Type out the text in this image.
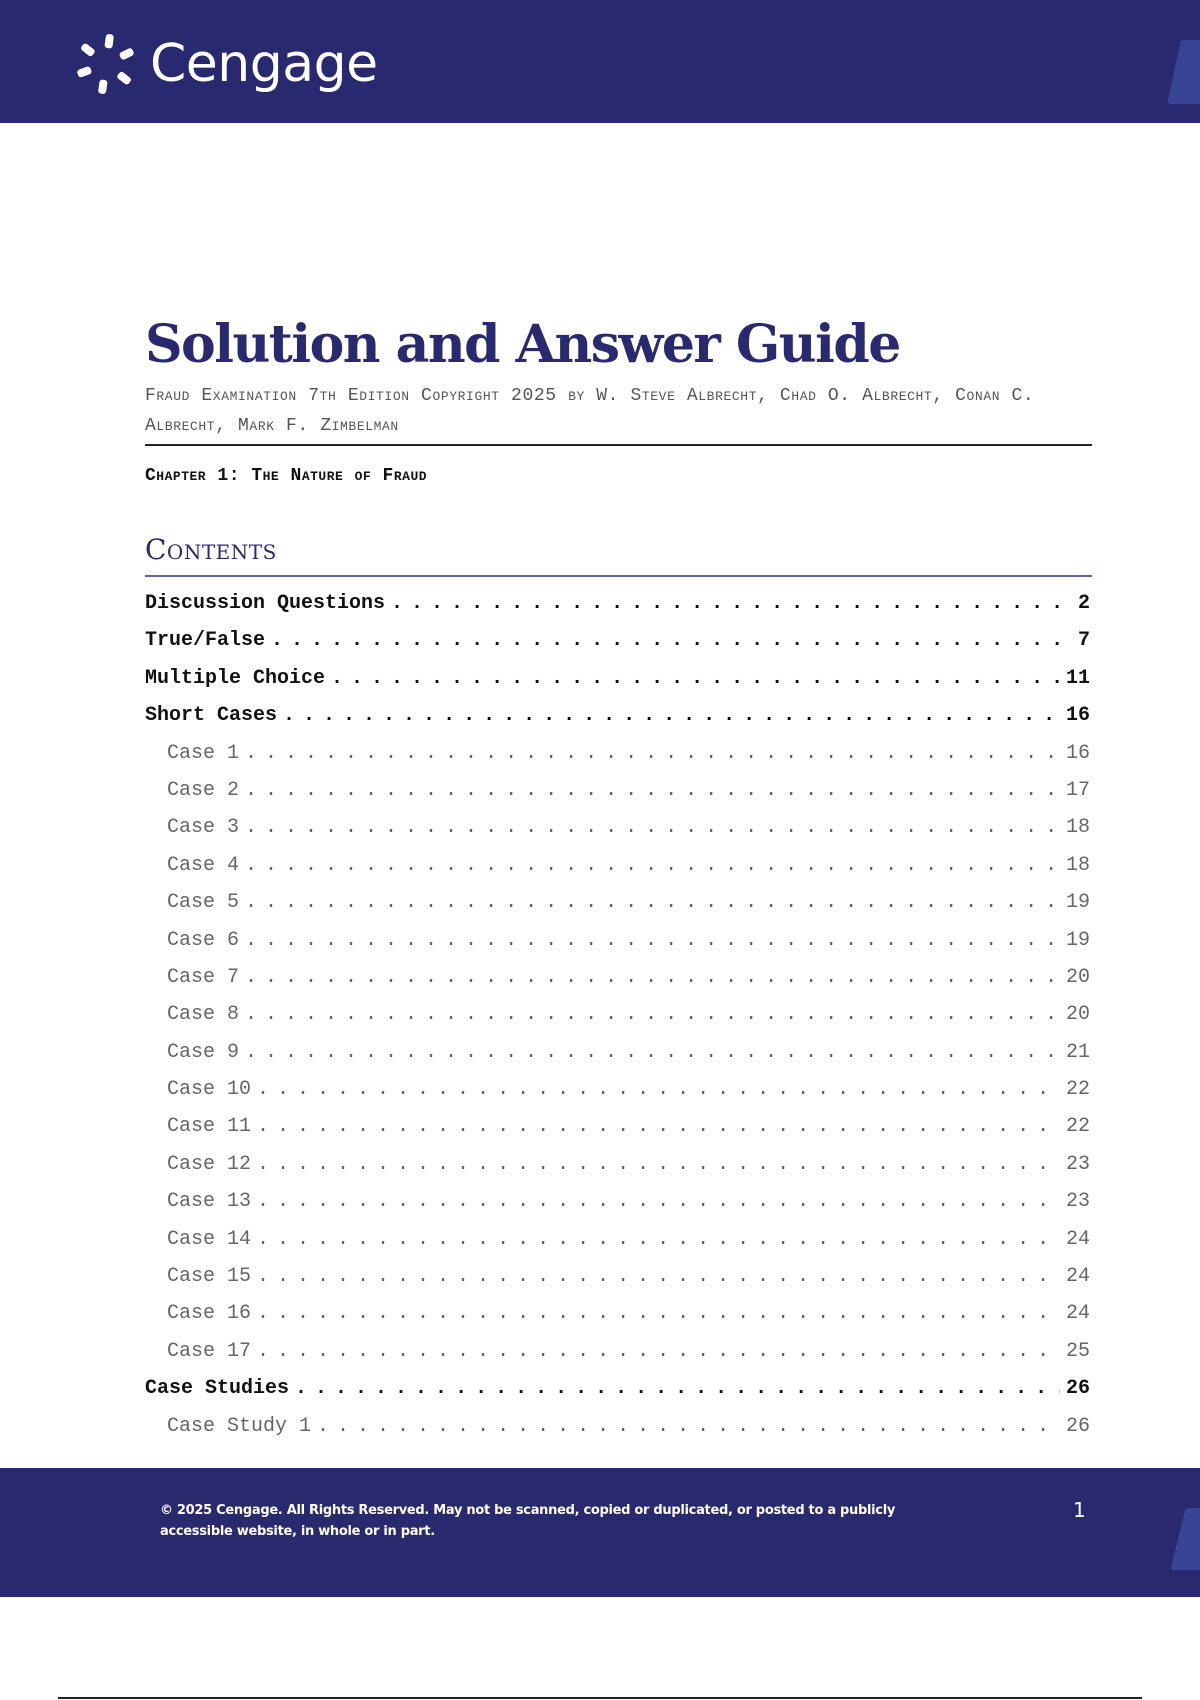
Cengage
Solution and Answer Guide

Fraud Examination 7th Edition Copyright 2025 by W. Steve Albrecht, Chad O. Albrecht, Conan C. Albrecht, Mark F. Zimbelman

Chapter 1: The Nature of Fraud

Contents
Discussion Questions . . .	2
True/False . . .	7
Multiple Choice . . .	11
Short Cases . . .	16
Case 1 . . .	16
Case 2 . . .	17
Case 3 . . .	18
Case 4 . . .	18
Case 5 . . .	19
Case 6 . . .	19
Case 7 . . .	20
Case 8 . . .	20
Case 9 . . .	21
Case 10 . . .	22
Case 11 . . .	22
Case 12 . . .	23
Case 13 . . .	23
Case 14 . . .	24
Case 15 . . .	24
Case 16 . . .	24
Case 17 . . .	25
Case Studies . . .	26
Case Study 1 . . .	26

© 2025 Cengage. All Rights Reserved. May not be scanned, copied or duplicated, or posted to a publicly accessible website, in whole or in part.

1
